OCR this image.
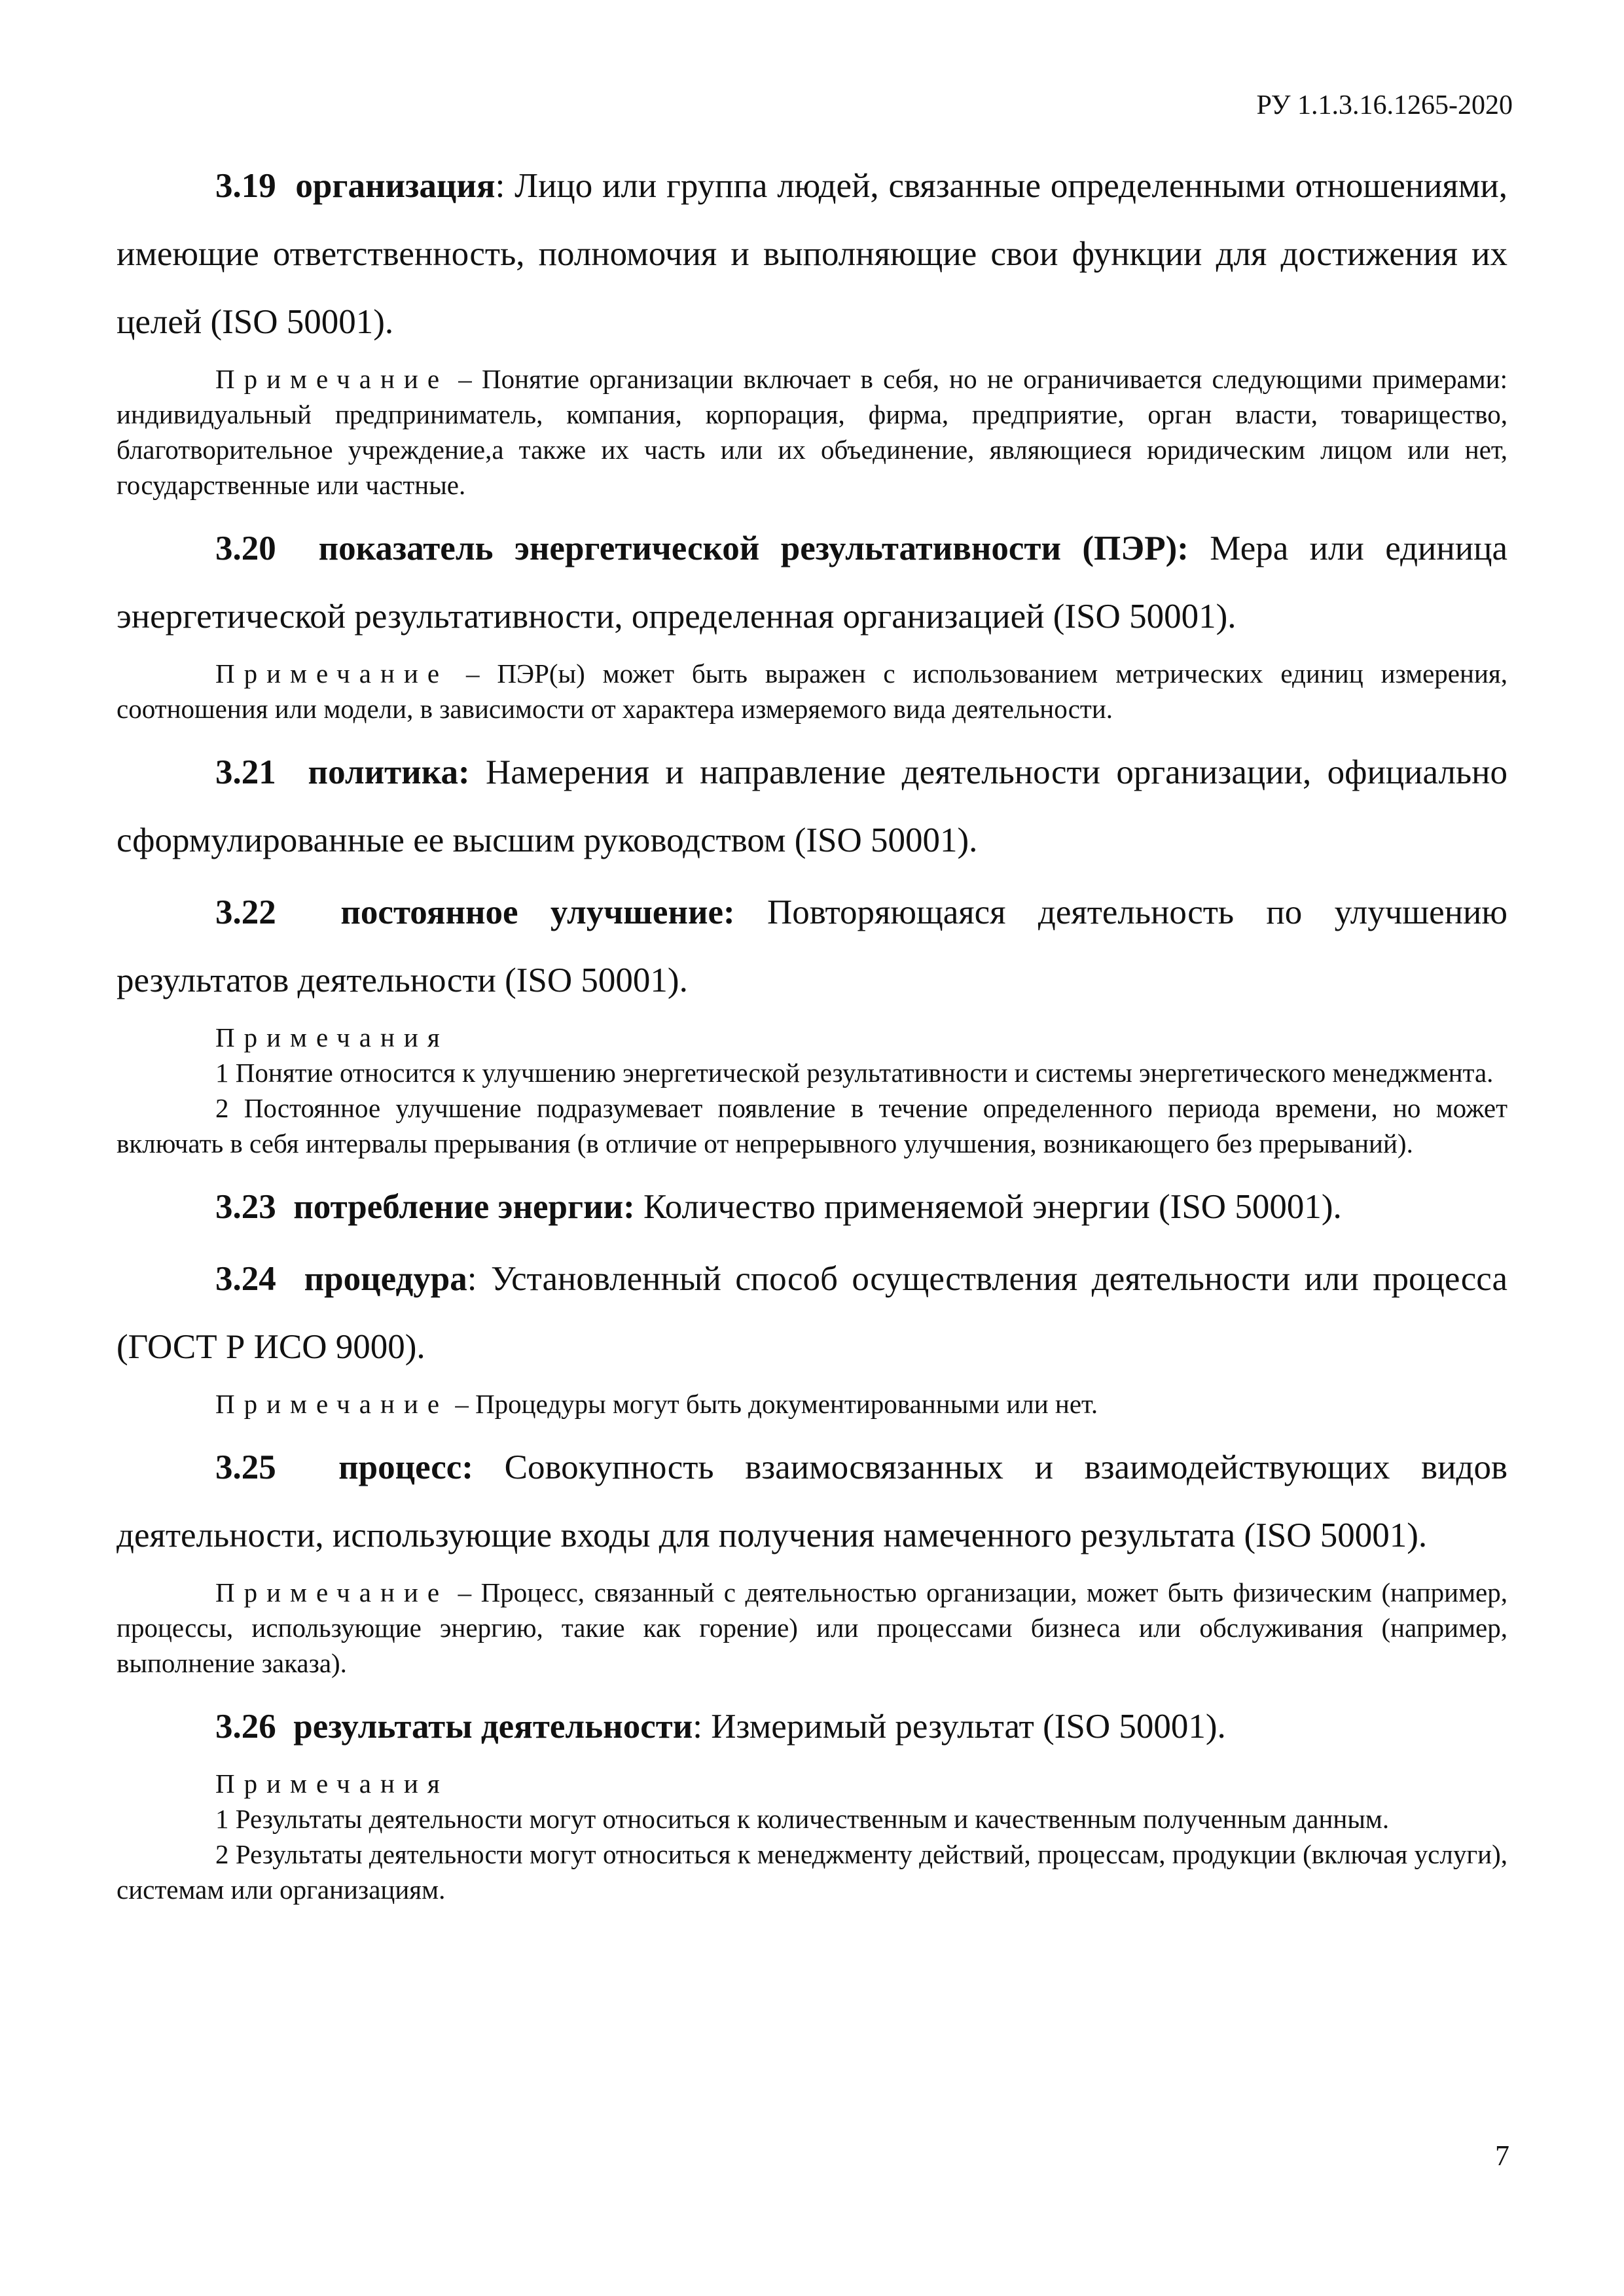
РУ 1.1.3.16.1265-2020

3.19 организация: Лицо или группа людей, связанные определенными отношениями, имеющие ответственность, полномочия и выполняющие свои функции для достижения их целей (ISO 50001).

Примечание – Понятие организации включает в себя, но не ограничивается следующими примерами: индивидуальный предприниматель, компания, корпорация, фирма, предприятие, орган власти, товарищество, благотворительное учреждение,а также их часть или их объединение, являющиеся юридическим лицом или нет, государственные или частные.

3.20 показатель энергетической результативности (ПЭР): Мера или единица энергетической результативности, определенная организацией (ISO 50001).

Примечание – ПЭР(ы) может быть выражен с использованием метрических единиц измерения, соотношения или модели, в зависимости от характера измеряемого вида деятельности.

3.21 политика: Намерения и направление деятельности организации, официально сформулированные ее высшим руководством (ISO 50001).

3.22 постоянное улучшение: Повторяющаяся деятельность по улучшению результатов деятельности (ISO 50001).

Примечания

1 Понятие относится к улучшению энергетической результативности и системы энергетического менеджмента.

2 Постоянное улучшение подразумевает появление в течение определенного периода времени, но может включать в себя интервалы прерывания (в отличие от непрерывного улучшения, возникающего без прерываний).

3.23 потребление энергии: Количество применяемой энергии (ISO 50001).

3.24 процедура: Установленный способ осуществления деятельности или процесса (ГОСТ Р ИСО 9000).

Примечание – Процедуры могут быть документированными или нет.

3.25 процесс: Совокупность взаимосвязанных и взаимодействующих видов деятельности, использующие входы для получения намеченного результата (ISO 50001).

Примечание – Процесс, связанный с деятельностью организации, может быть физическим (например, процессы, использующие энергию, такие как горение) или процессами бизнеса или обслуживания (например, выполнение заказа).

3.26 результаты деятельности: Измеримый результат (ISO 50001).

Примечания

1 Результаты деятельности могут относиться к количественным и качественным полученным данным.

2 Результаты деятельности могут относиться к менеджменту действий, процессам, продукции (включая услуги), системам или организациям.

7
